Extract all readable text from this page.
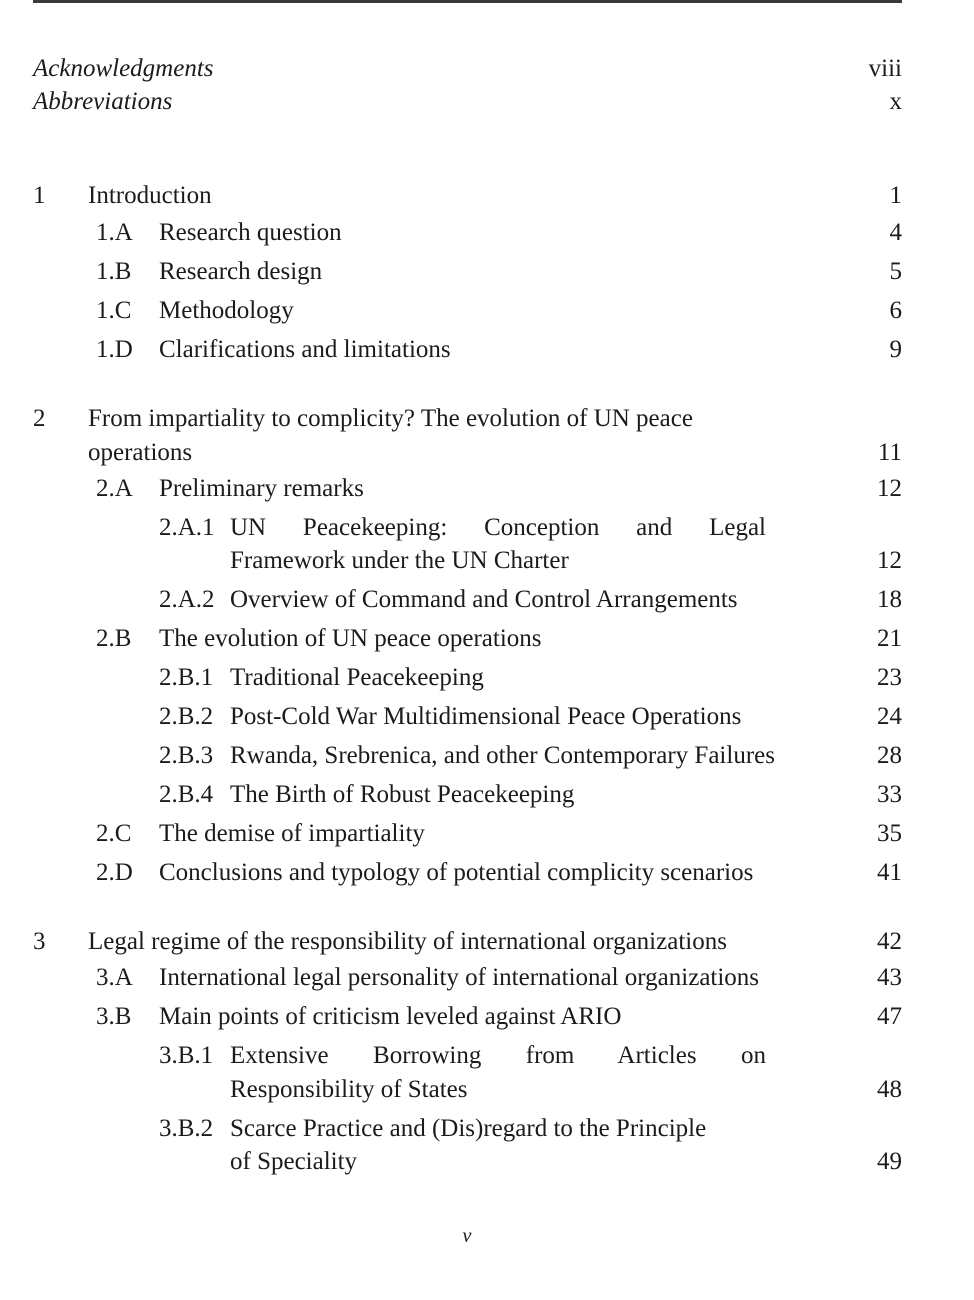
Acknowledgments	viii
Abbreviations	x
1 Introduction	1
1.A Research question	4
1.B Research design	5
1.C Methodology	6
1.D Clarifications and limitations	9
2 From impartiality to complicity? The evolution of UN peace
operations	11
2.A Preliminary remarks	12
2.A.1 UN Peacekeeping: Conception and Legal
Framework under the UN Charter	12
2.A.2 Overview of Command and Control Arrangements	18
2.B The evolution of UN peace operations	21
2.B.1 Traditional Peacekeeping	23
2.B.2 Post-Cold War Multidimensional Peace Operations	24
2.B.3 Rwanda, Srebrenica, and other Contemporary Failures	28
2.B.4 The Birth of Robust Peacekeeping	33
2.C The demise of impartiality	35
2.D Conclusions and typology of potential complicity scenarios	41
3 Legal regime of the responsibility of international organizations	42
3.A International legal personality of international organizations	43
3.B Main points of criticism leveled against ARIO	47
3.B.1 Extensive Borrowing from Articles on
Responsibility of States	48
3.B.2 Scarce Practice and (Dis)regard to the Principle
of Speciality	49
v
